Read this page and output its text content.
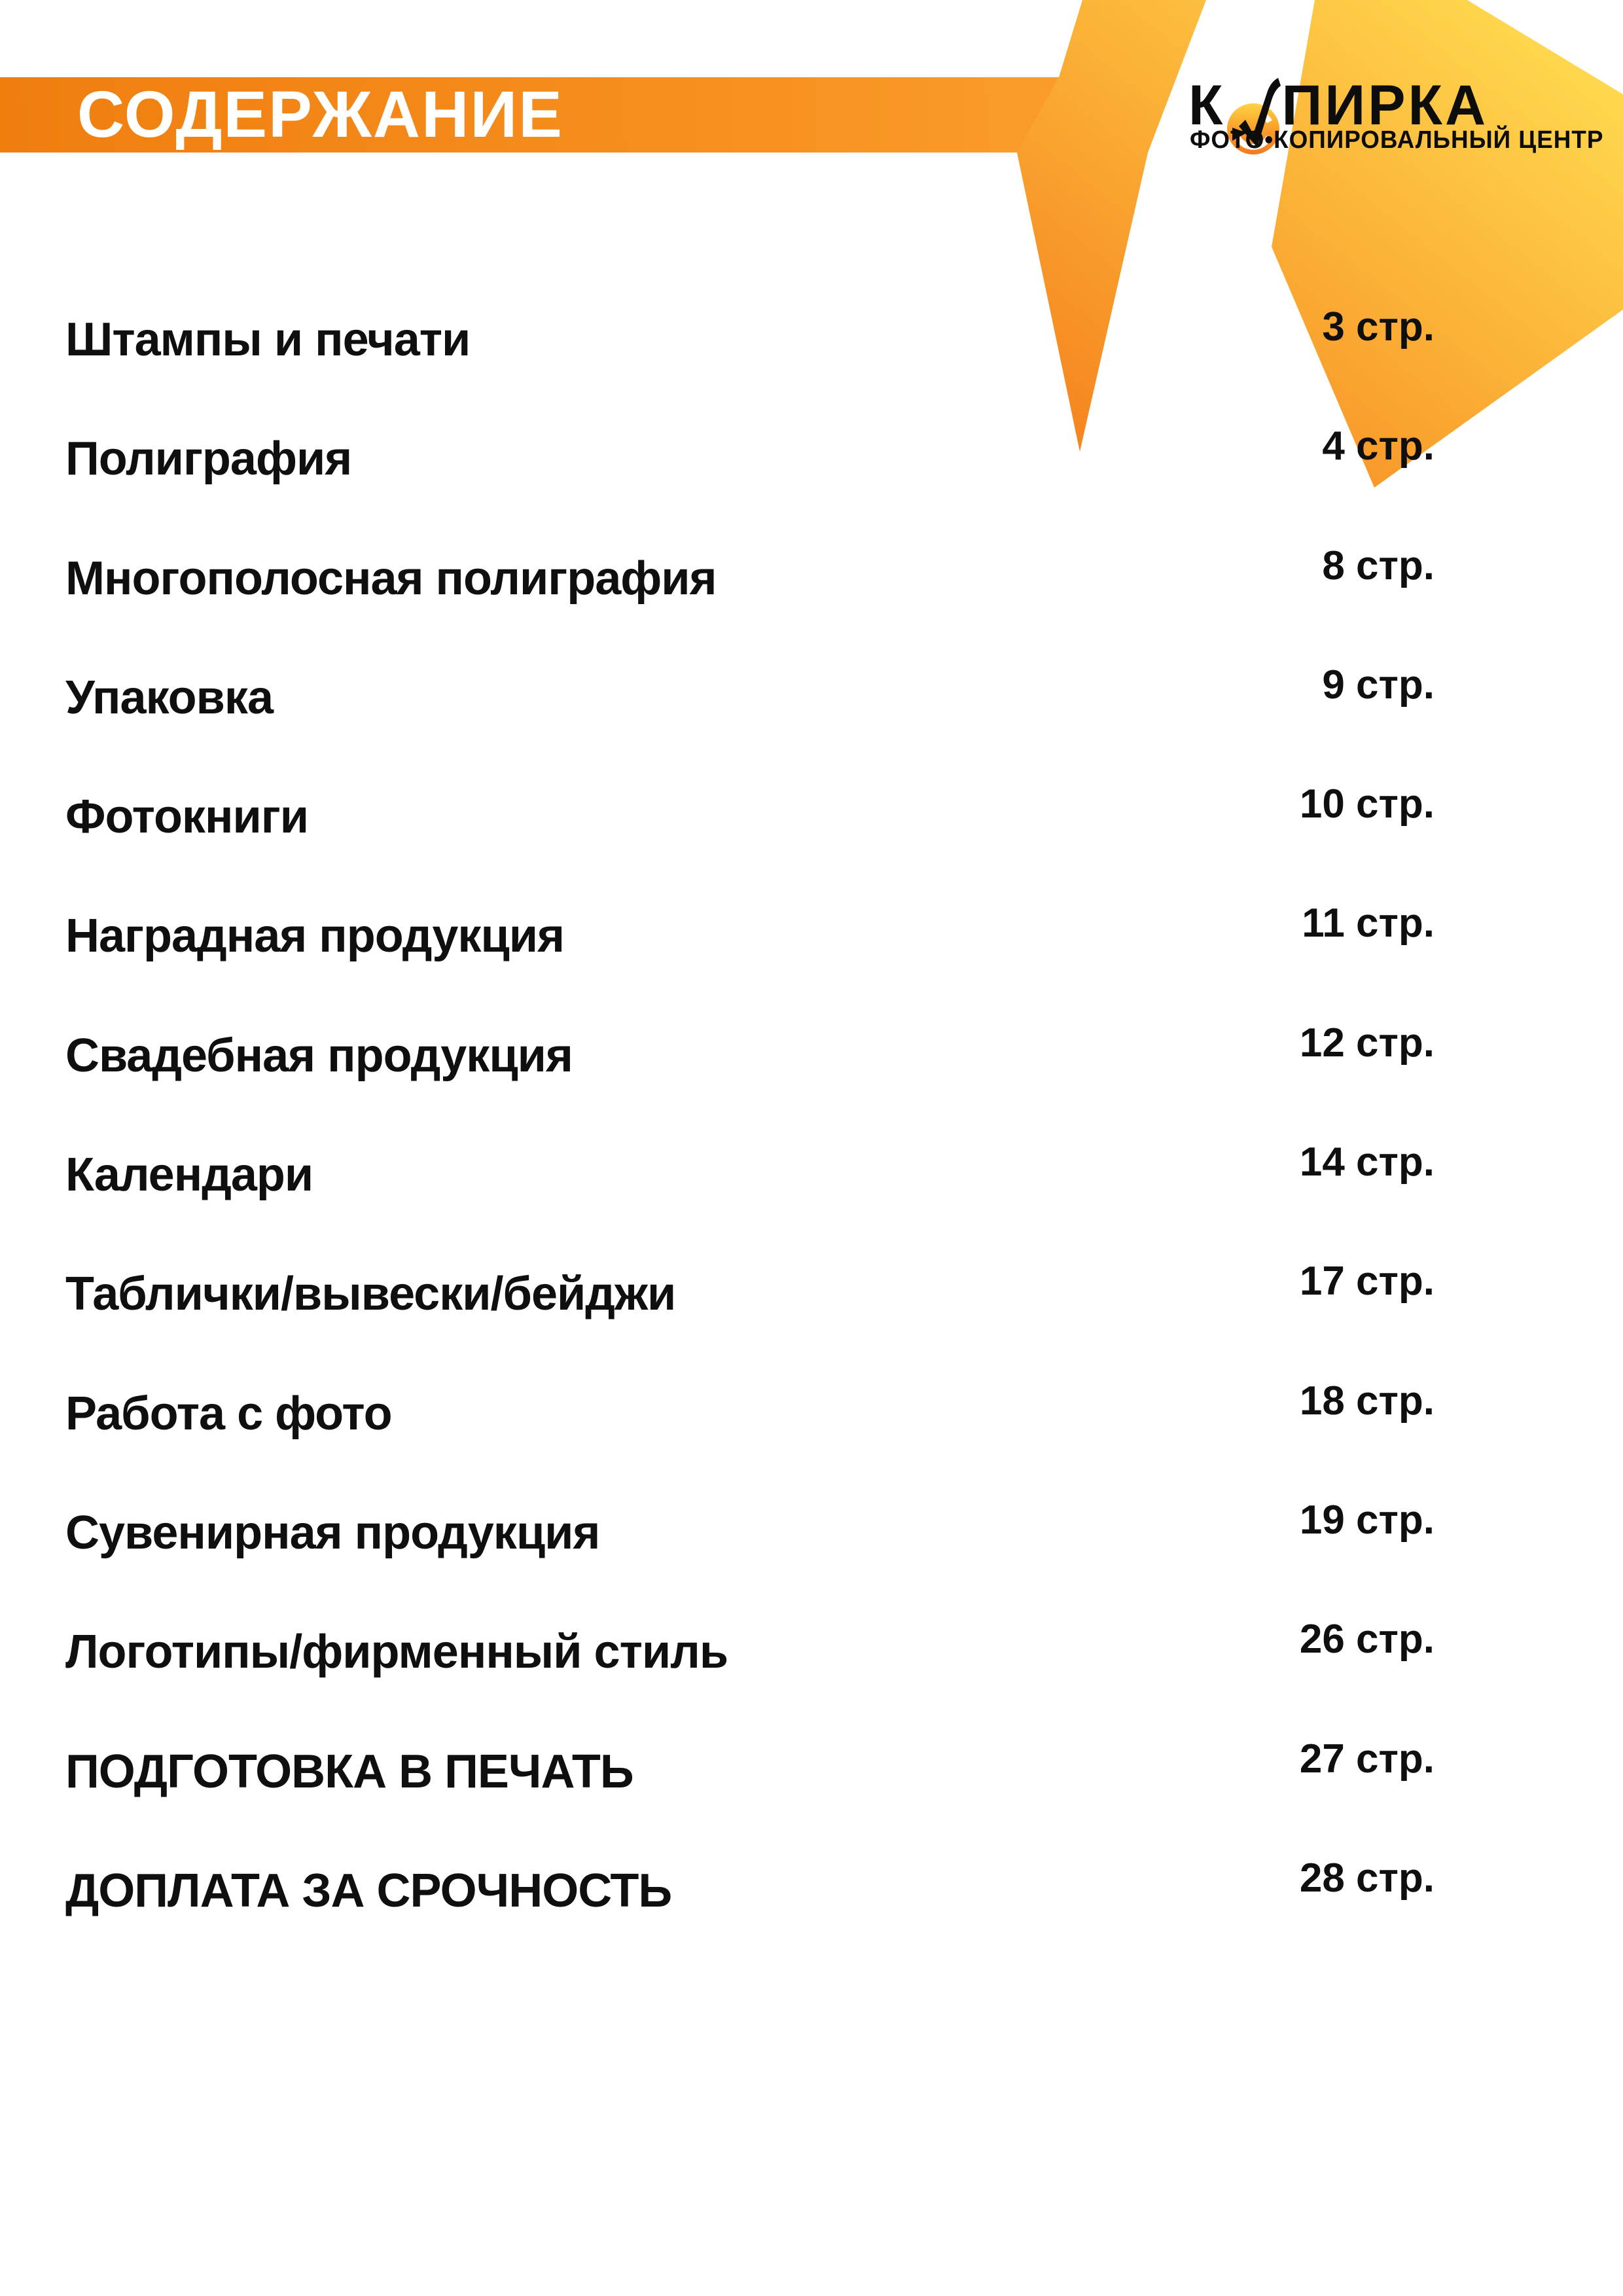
СОДЕРЖАНИЕ	К ПИРКА
ФОТО•КОПИРОВАЛЬНЫЙ ЦЕНТР
Штампы и печати	3 стр.
Полиграфия	4 стр.
Многополосная полиграфия	8 стр.
Упаковка	9 стр.
Фотокниги	10 стр.
Наградная продукция	11 стр.
Свадебная продукция	12 стр.
Календари	14 стр.
Таблички/вывески/бейджи	17 стр.
Работа с фото	18 стр.
Сувенирная продукция	19 стр.
Логотипы/фирменный стиль	26 стр.
ПОДГОТОВКА В ПЕЧАТЬ	27 стр.
ДОПЛАТА ЗА СРОЧНОСТЬ	28 стр.
